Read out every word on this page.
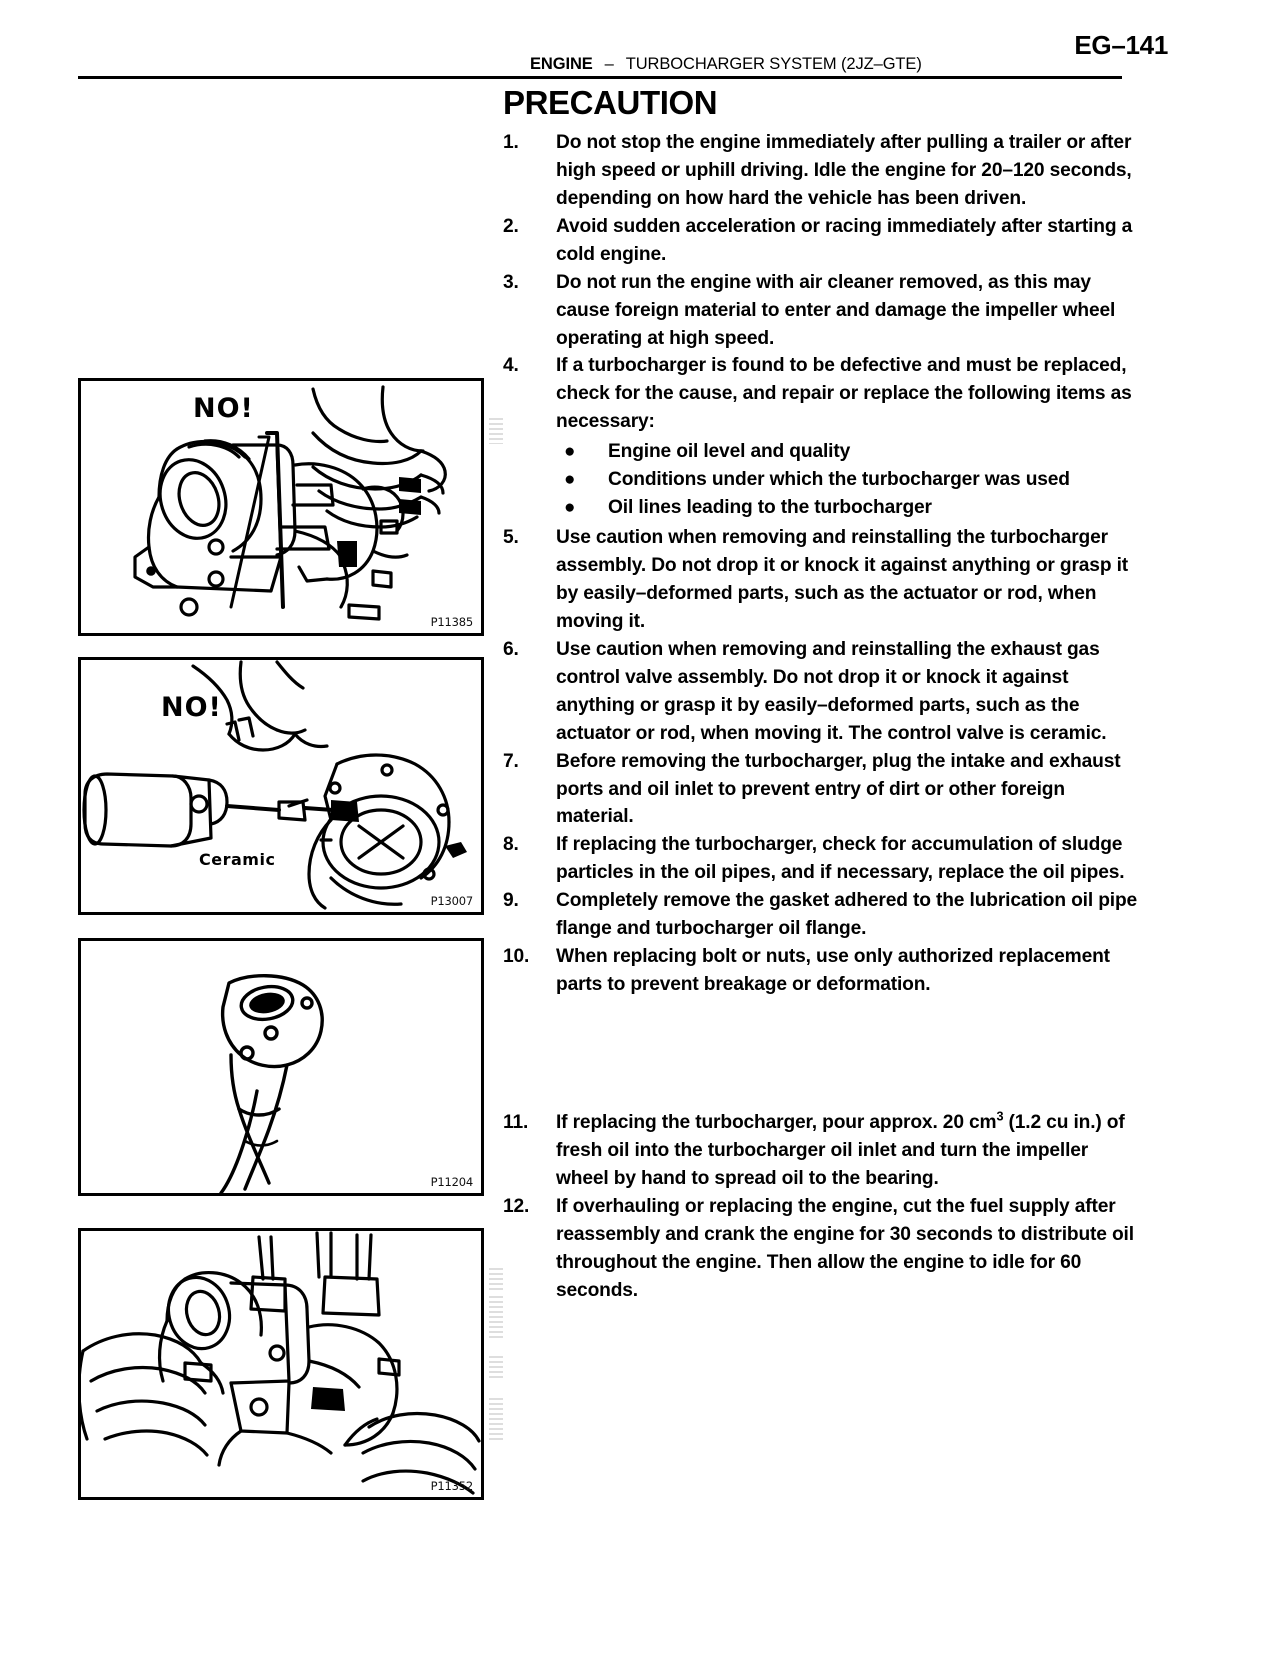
EG–141
ENGINE – TURBOCHARGER SYSTEM (2JZ–GTE)
NO!
P11385
NO!
Ceramic
P13007
P11204
P11352
PRECAUTION
1.	Do not stop the engine immediately after pulling a trailer or after high speed or uphill driving. Idle the engine for 20–120 seconds, depending on how hard the vehicle has been driven.
2.	Avoid sudden acceleration or racing immediately after starting a cold engine.
3.	Do not run the engine with air cleaner removed, as this may cause foreign material to enter and damage the impeller wheel operating at high speed.
4.	If a turbocharger is found to be defective and must be replaced, check for the cause, and repair or replace the following items as necessary:
● Engine oil level and quality
● Conditions under which the turbocharger was used
● Oil lines leading to the turbocharger
5.	Use caution when removing and reinstalling the turbocharger assembly. Do not drop it or knock it against anything or grasp it by easily–deformed parts, such as the actuator or rod, when moving it.
6.	Use caution when removing and reinstalling the exhaust gas control valve assembly. Do not drop it or knock it against anything or grasp it by easily–deformed parts, such as the actuator or rod, when moving it. The control valve is ceramic.
7.	Before removing the turbocharger, plug the intake and exhaust ports and oil inlet to prevent entry of dirt or other foreign material.
8.	If replacing the turbocharger, check for accumulation of sludge particles in the oil pipes, and if necessary, replace the oil pipes.
9.	Completely remove the gasket adhered to the lubrication oil pipe flange and turbocharger oil flange.
10.	When replacing bolt or nuts, use only authorized replacement parts to prevent breakage or deformation.
11.	If replacing the turbocharger, pour approx. 20 $cm^3$ (1.2 cu in.) of fresh oil into the turbocharger oil inlet and turn the impeller wheel by hand to spread oil to the bearing.
12.	If overhauling or replacing the engine, cut the fuel supply after reassembly and crank the engine for 30 seconds to distribute oil throughout the engine. Then allow the engine to idle for 60 seconds.
